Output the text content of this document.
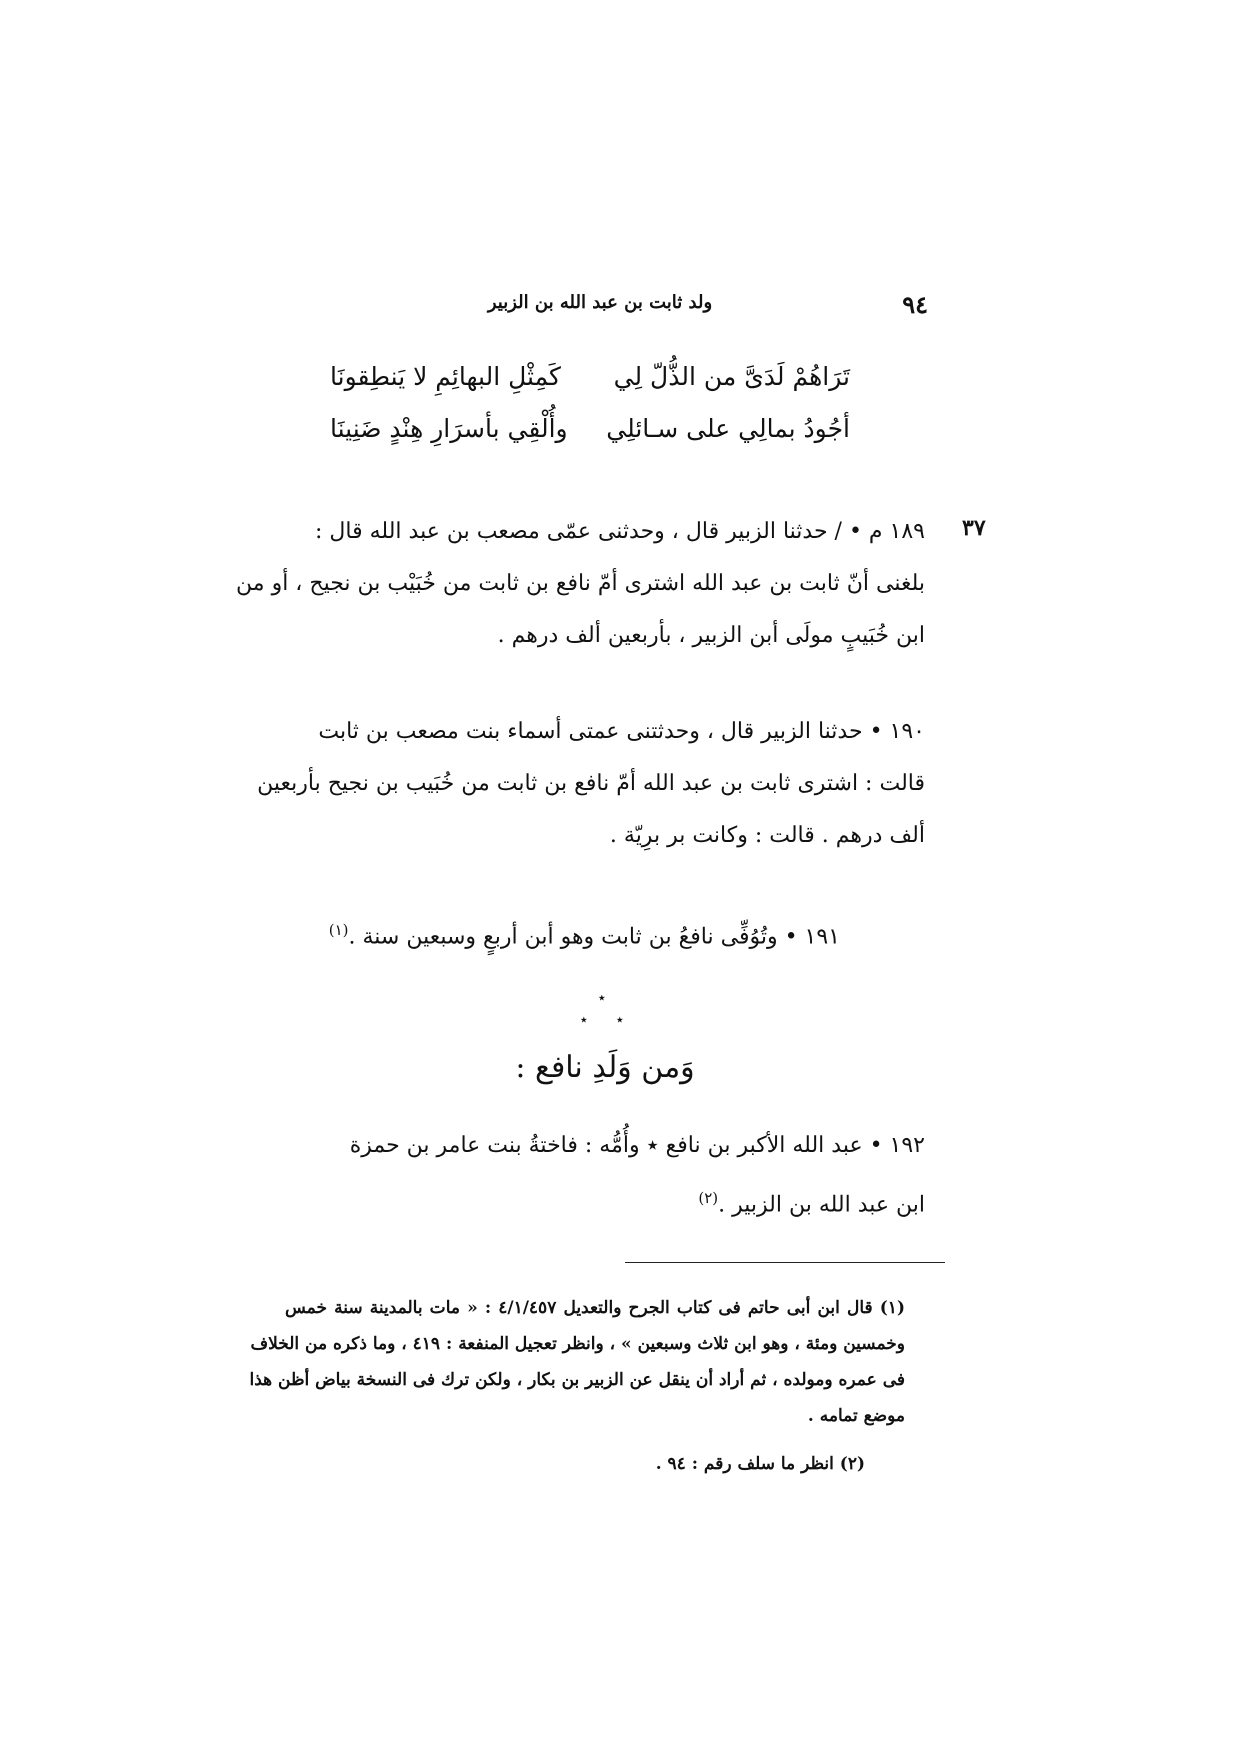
٩٤
ولد ثابت بن عبد الله بن الزبير
تَرَاهُمْ لَدَىَّ من الذُّلّ لِي
كَمِثْلِ البهائِمِ لا يَنطِقونَا
أجُودُ بمالِي على سـائلِي
وأُلْقِي بأسرَارِ هِنْدٍ ضَنِينَا
٣٧
١٨٩ م • / حدثنا الزبير قال ، وحدثنى عمّى مصعب بن عبد الله قال :
بلغنى أنّ ثابت بن عبد الله اشترى أمّ نافع بن ثابت من خُبَيْب بن نجيح ، أو من
ابن خُبَيبٍ مولَى أبن الزبير ، بأربعين ألف درهم .
١٩٠ • حدثنا الزبير قال ، وحدثتنى عمتى أسماء بنت مصعب بن ثابت
قالت : اشترى ثابت بن عبد الله أمّ نافع بن ثابت من خُبَيب بن نجيح بأربعين
ألف درهم . قالت : وكانت بر برِيّة .
١٩١ • وتُوُفِّى نافعُ بن ثابت وهو أبن أربعٍ وسبعين سنة .$^{(١)}$
٭
٭ ٭
وَمن وَلَدِ نافع :
١٩٢ • عبد الله الأكبر بن نافع ٭ وأُمُّه : فاختةُ بنت عامر بن حمزة
ابن عبد الله بن الزبير .$^{(٢)}$
(١) قال ابن أبى حاتم فى كتاب الجرح والتعديل ٤/١/٤٥٧ : « مات بالمدينة سنة خمس
وخمسين ومئة ، وهو ابن ثلاث وسبعين » ، وانظر تعجيل المنفعة : ٤١٩ ، وما ذكره من الخلاف
فى عمره ومولده ، ثم أراد أن ينقل عن الزبير بن بكار ، ولكن ترك فى النسخة بياض أظن هذا
موضع تمامه .
(٢) انظر ما سلف رقم : ٩٤ .
